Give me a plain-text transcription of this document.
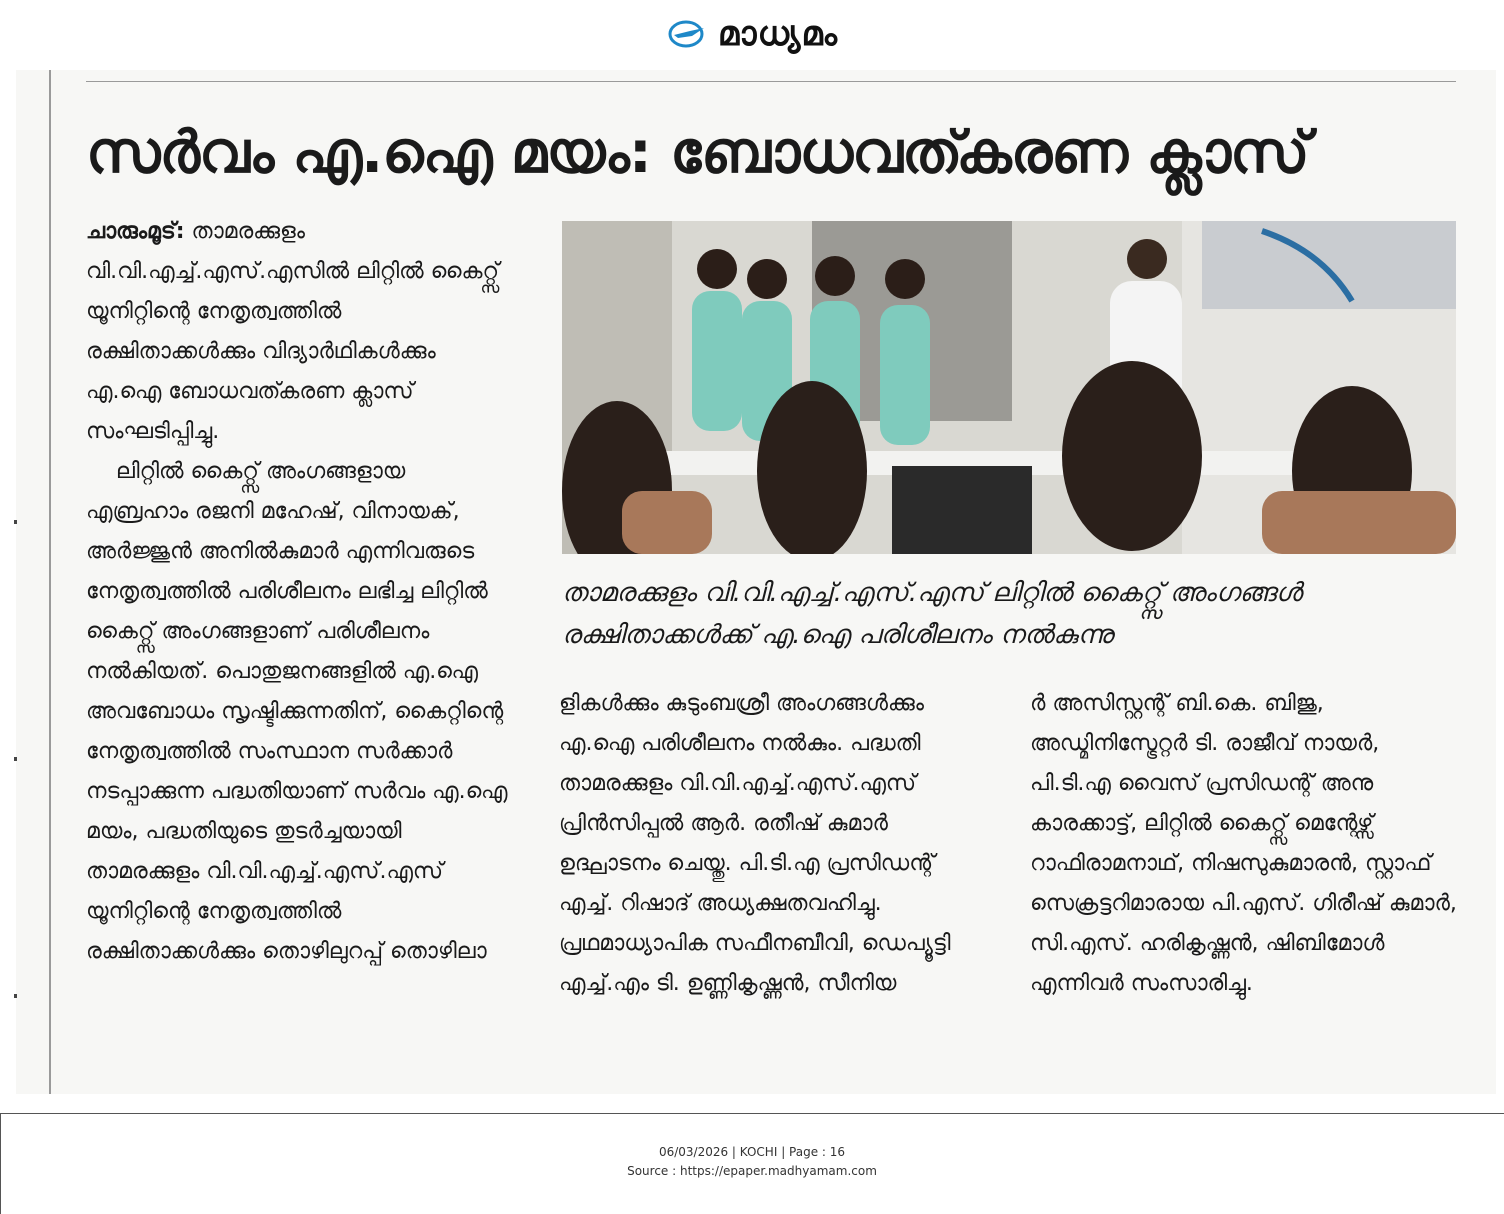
മാധ്യമം
സർവം എ.ഐ മയം: ബോധവത്കരണ ക്ലാസ്

ചാരുംമൂട്: താമരക്കുളം വി.വി.എച്ച്.എസ്.എസിൽ ലിറ്റിൽ കൈറ്റ്സ് യൂനിറ്റിന്റെ നേതൃത്വത്തിൽ രക്ഷിതാക്കൾക്കും വിദ്യാർഥികൾക്കും എ.ഐ ബോധവത്കരണ ക്ലാസ് സംഘടിപ്പിച്ചു.

ലിറ്റിൽ കൈറ്റ്സ് അംഗങ്ങളായ എബ്രഹാം രജനി മഹേഷ്, വിനായക്, അർജ്ജുൻ അനിൽകുമാർ എന്നിവരുടെ നേതൃത്വത്തിൽ പരിശീലനം ലഭിച്ച ലിറ്റിൽ കൈറ്റ്സ് അംഗങ്ങളാണ് പരിശീലനം നൽകിയത്. പൊതുജനങ്ങളിൽ എ.ഐ അവബോധം സൃഷ്ടിക്കുന്നതിന്, കൈറ്റിന്റെ നേതൃത്വത്തിൽ സംസ്ഥാന സർക്കാർ നടപ്പാക്കുന്ന പദ്ധതിയാണ് സർവം എ.ഐ മയം, പദ്ധതിയുടെ തുടർച്ചയായി താമരക്കുളം വി.വി.എച്ച്.എസ്.എസ് യൂനിറ്റിന്റെ നേതൃത്വത്തിൽ രക്ഷിതാക്കൾക്കും തൊഴിലുറപ്പ് തൊഴിലാ

താമരക്കുളം വി.വി.എച്ച്.എസ്.എസ് ലിറ്റിൽ കൈറ്റ്സ് അംഗങ്ങൾ രക്ഷിതാക്കൾക്ക് എ.ഐ പരിശീലനം നൽകുന്നു

ളികൾക്കും കുടുംബശ്രീ അംഗങ്ങൾക്കും എ.ഐ പരിശീലനം നൽകും. പദ്ധതി താമരക്കുളം വി.വി.എച്ച്.എസ്.എസ് പ്രിൻസിപ്പൽ ആർ. രതീഷ് കുമാർ ഉദ്ഘാടനം ചെയ്തു. പി.ടി.എ പ്രസിഡന്റ് എച്ച്. റിഷാദ് അധ്യക്ഷതവഹിച്ചു. പ്രഥമാധ്യാപിക സഫീനബീവി, ഡെപ്യൂട്ടി എച്ച്.എം ടി. ഉണ്ണികൃഷ്ണൻ, സീനിയ

ർ അസിസ്റ്റന്റ് ബി.കെ. ബിജു, അഡ്മിനിസ്ട്രേറ്റർ ടി. രാജീവ് നായർ, പി.ടി.എ വൈസ് പ്രസിഡന്റ് അനു കാരക്കാട്ട്, ലിറ്റിൽ കൈറ്റ്സ് മെന്റേഴ്സ് റാഫിരാമനാഥ്, നിഷസുകുമാരൻ, സ്റ്റാഫ് സെക്രട്ടറിമാരായ പി.എസ്. ഗിരീഷ് കുമാർ, സി.എസ്. ഹരികൃഷ്ണൻ, ഷിബിമോൾ എന്നിവർ സംസാരിച്ചു.

06/03/2026 | KOCHI | Page : 16
Source : https://epaper.madhyamam.com
